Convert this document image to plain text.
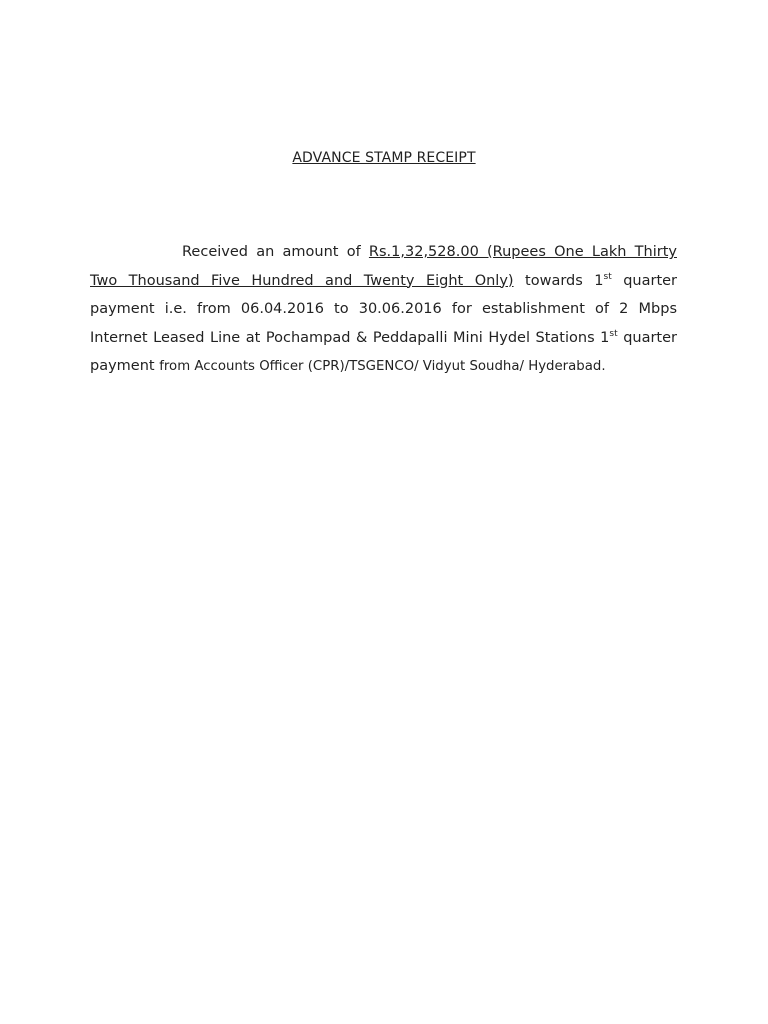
ADVANCE STAMP RECEIPT

Received an amount of Rs.1,32,528.00 (Rupees One Lakh Thirty Two Thousand Five Hundred and Twenty Eight Only) towards 1st quarter payment i.e. from 06.04.2016 to 30.06.2016 for establishment of 2 Mbps Internet Leased Line at Pochampad & Peddapalli Mini Hydel Stations 1st quarter payment from Accounts Officer (CPR)/TSGENCO/ Vidyut Soudha/ Hyderabad.
